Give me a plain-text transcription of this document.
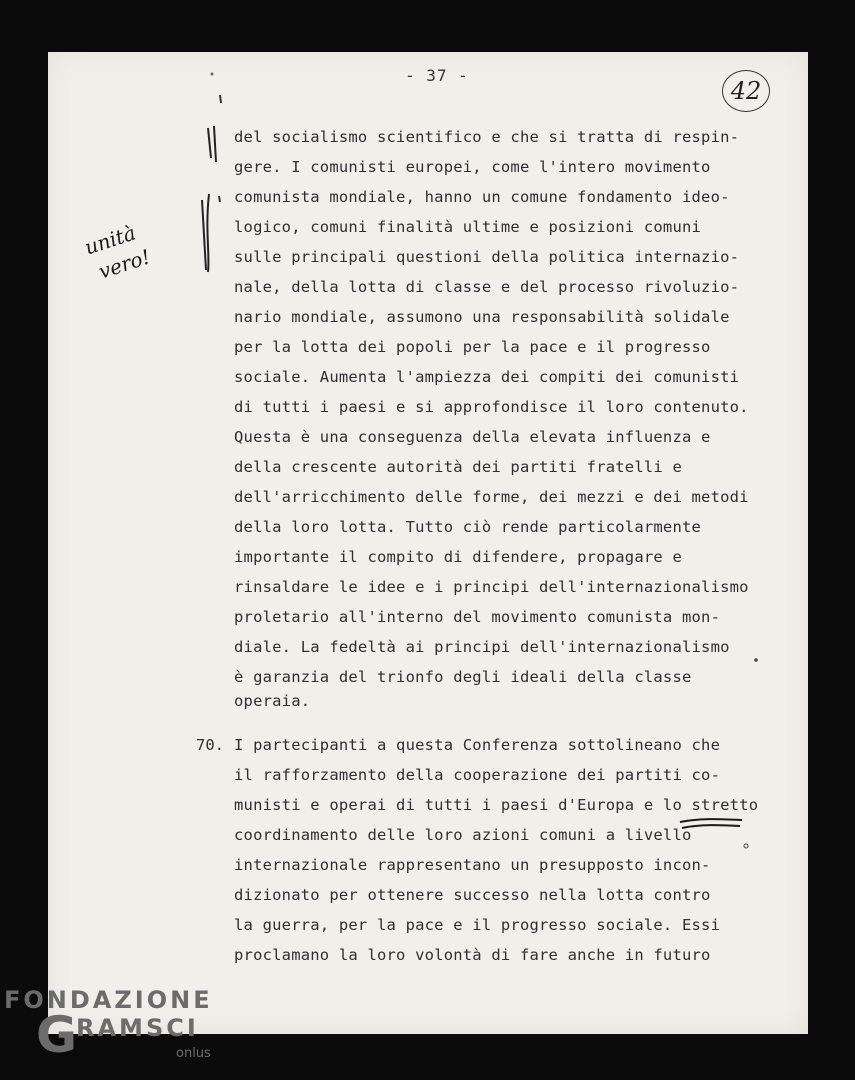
- 37 -
42
del socialismo scientifico e che si tratta di respin-
gere. I comunisti europei, come l'intero movimento
comunista mondiale, hanno un comune fondamento ideo-
logico, comuni finalità ultime e posizioni comuni
sulle principali questioni della politica internazio-
nale, della lotta di classe e del processo rivoluzio-
nario mondiale, assumono una responsabilità solidale
per la lotta dei popoli per la pace e il progresso
sociale. Aumenta l'ampiezza dei compiti dei comunisti
di tutti i paesi e si approfondisce il loro contenuto.
Questa è una conseguenza della elevata influenza e
della crescente autorità dei partiti fratelli e
dell'arricchimento delle forme, dei mezzi e dei metodi
della loro lotta. Tutto ciò rende particolarmente
importante il compito di difendere, propagare e
rinsaldare le idee e i principi dell'internazionalismo
proletario all'interno del movimento comunista mon-
diale. La fedeltà ai principi dell'internazionalismo
è garanzia del trionfo degli ideali della classe
operaia.
70. I partecipanti a questa Conferenza sottolineano che
il rafforzamento della cooperazione dei partiti co-
munisti e operai di tutti i paesi d'Europa e lo stretto
coordinamento delle loro azioni comuni a livello
internazionale rappresentano un presupposto incon-
dizionato per ottenere successo nella lotta contro
la guerra, per la pace e il progresso sociale. Essi
proclamano la loro volontà di fare anche in futuro
unità
vero!
FONDAZIONE
G
RAMSCI
onlus
